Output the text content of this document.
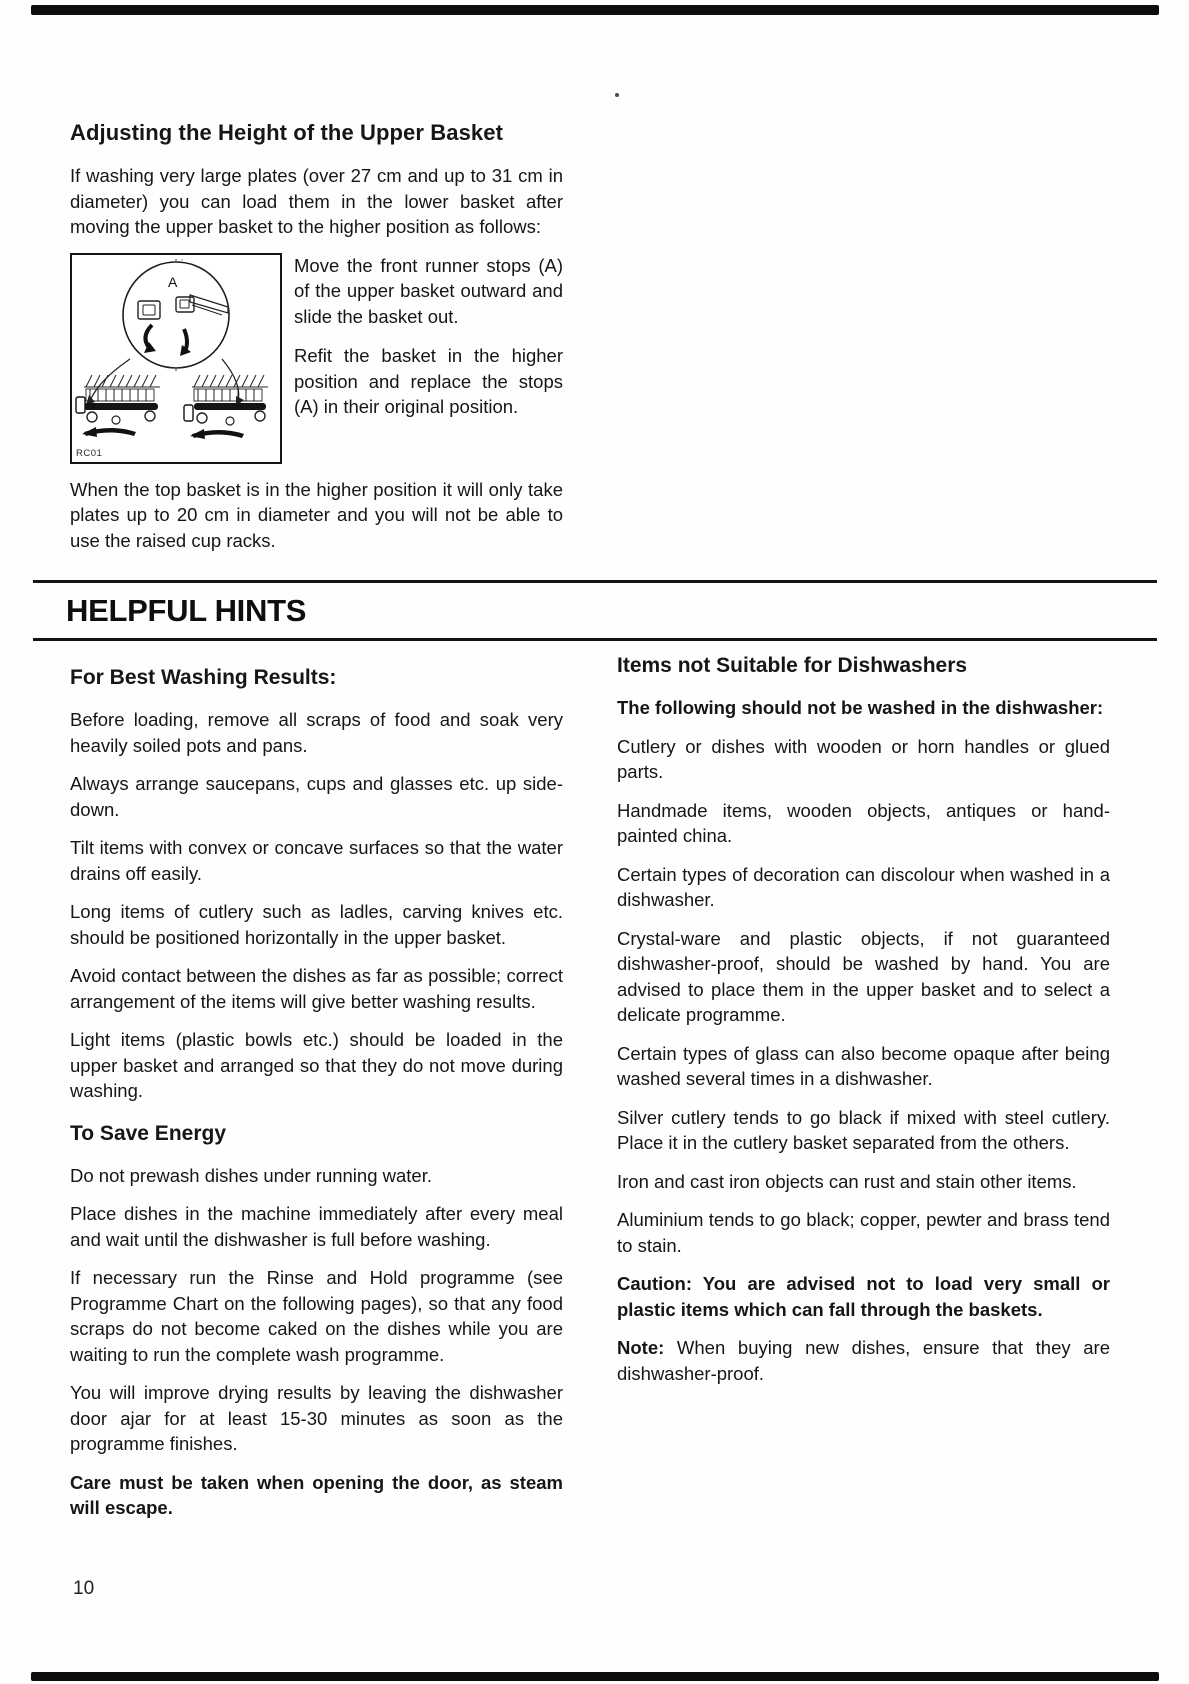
Adjusting the Height of the Upper Basket

If washing very large plates (over 27 cm and up to 31 cm in diameter) you can load them in the lower basket after moving the upper basket to the higher position as follows:

A
RC01

Move the front runner stops (A) of the upper basket outward and slide the basket out.

Refit the basket in the higher position and replace the stops (A) in their original position.

When the top basket is in the higher position it will only take plates up to 20 cm in diameter and you will not be able to use the raised cup racks.

HELPFUL HINTS
For Best Washing Results:

Before loading, remove all scraps of food and soak very heavily soiled pots and pans.

Always arrange saucepans, cups and glasses etc. up side-down.

Tilt items with convex or concave surfaces so that the water drains off easily.

Long items of cutlery such as ladles, carving knives etc. should be positioned horizontally in the upper basket.

Avoid contact between the dishes as far as possible; correct arrangement of the items will give better washing results.

Light items (plastic bowls etc.) should be loaded in the upper basket and arranged so that they do not move during washing.

To Save Energy

Do not prewash dishes under running water.

Place dishes in the machine immediately after every meal and wait until the dishwasher is full before washing.

If necessary run the Rinse and Hold programme (see Programme Chart on the following pages), so that any food scraps do not become caked on the dishes while you are waiting to run the complete wash programme.

You will improve drying results by leaving the dishwasher door ajar for at least 15-30 minutes as soon as the programme finishes.

Care must be taken when opening the door, as steam will escape.

Items not Suitable for Dishwashers

The following should not be washed in the dishwasher:

Cutlery or dishes with wooden or horn handles or glued parts.

Handmade items, wooden objects, antiques or hand-painted china.

Certain types of decoration can discolour when washed in a dishwasher.

Crystal-ware and plastic objects, if not guaranteed dishwasher-proof, should be washed by hand. You are advised to place them in the upper basket and to select a delicate programme.

Certain types of glass can also become opaque after being washed several times in a dishwasher.

Silver cutlery tends to go black if mixed with steel cutlery. Place it in the cutlery basket separated from the others.

Iron and cast iron objects can rust and stain other items.

Aluminium tends to go black; copper, pewter and brass tend to stain.

Caution: You are advised not to load very small or plastic items which can fall through the baskets.

Note: When buying new dishes, ensure that they are dishwasher-proof.

10
